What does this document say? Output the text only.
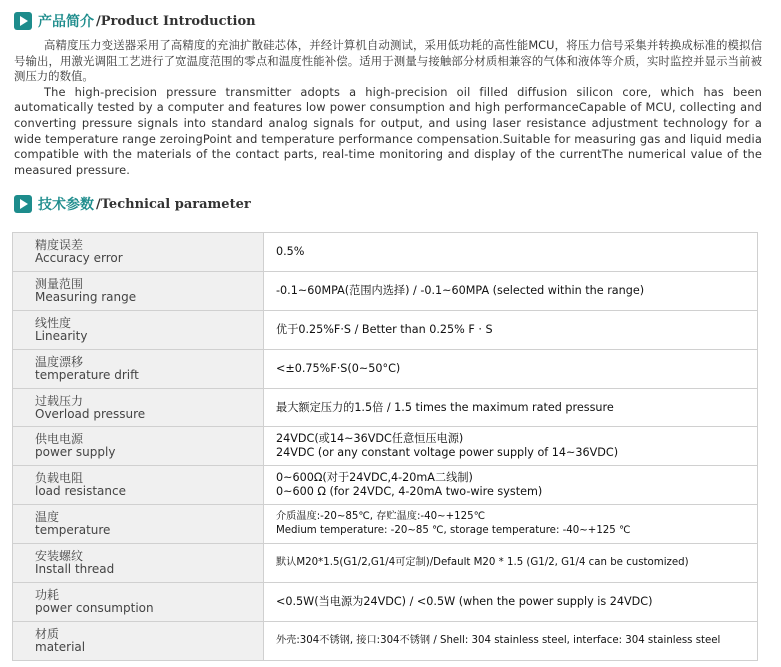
产品简介 /Product Introduction

高精度压力变送器采用了高精度的充油扩散硅芯体，并经计算机自动测试，采用低功耗的高性能MCU，将压力信号采集并转换成标准的模拟信号输出，用激光调阻工艺进行了宽温度范围的零点和温度性能补偿。适用于测量与接触部分材质相兼容的气体和液体等介质，实时监控并显示当前被测压力的数值。

The high-precision pressure transmitter adopts a high-precision oil filled diffusion silicon core, which has been automatically tested by a computer and features low power consumption and high performanceCapable of MCU, collecting and converting pressure signals into standard analog signals for output, and using laser resistance adjustment technology for a wide temperature range zeroingPoint and temperature performance compensation.Suitable for measuring gas and liquid media compatible with the materials of the contact parts, real-time monitoring and display of the currentThe numerical value of the measured pressure.

技术参数 /Technical parameter
精度误差
Accuracy error	0.5%

测量范围
Measuring range	-0.1~60MPA(范围内选择) / -0.1~60MPA (selected within the range)

线性度
Linearity	优于0.25%F·S / Better than 0.25% F · S

温度漂移
temperature drift	<±0.75%F·S(0~50°C)

过载压力
Overload pressure	最大额定压力的1.5倍 / 1.5 times the maximum rated pressure

供电电源
power supply	24VDC(或14~36VDC任意恒压电源)
24VDC (or any constant voltage power supply of 14~36VDC)

负载电阻
load resistance	0~600Ω(对于24VDC,4-20mA二线制)
0~600 Ω (for 24VDC, 4-20mA two-wire system)

温度
temperature	介质温度:-20~85℃, 存贮温度:-40~+125℃
Medium temperature: -20~85 ℃, storage temperature: -40~+125 ℃

安装螺纹
Install thread	默认M20*1.5(G1/2,G1/4可定制)/Default M20 * 1.5 (G1/2, G1/4 can be customized)

功耗
power consumption	<0.5W(当电源为24VDC) / <0.5W (when the power supply is 24VDC)

材质
material	外壳:304不锈钢, 接口:304不锈钢 / Shell: 304 stainless steel, interface: 304 stainless steel
